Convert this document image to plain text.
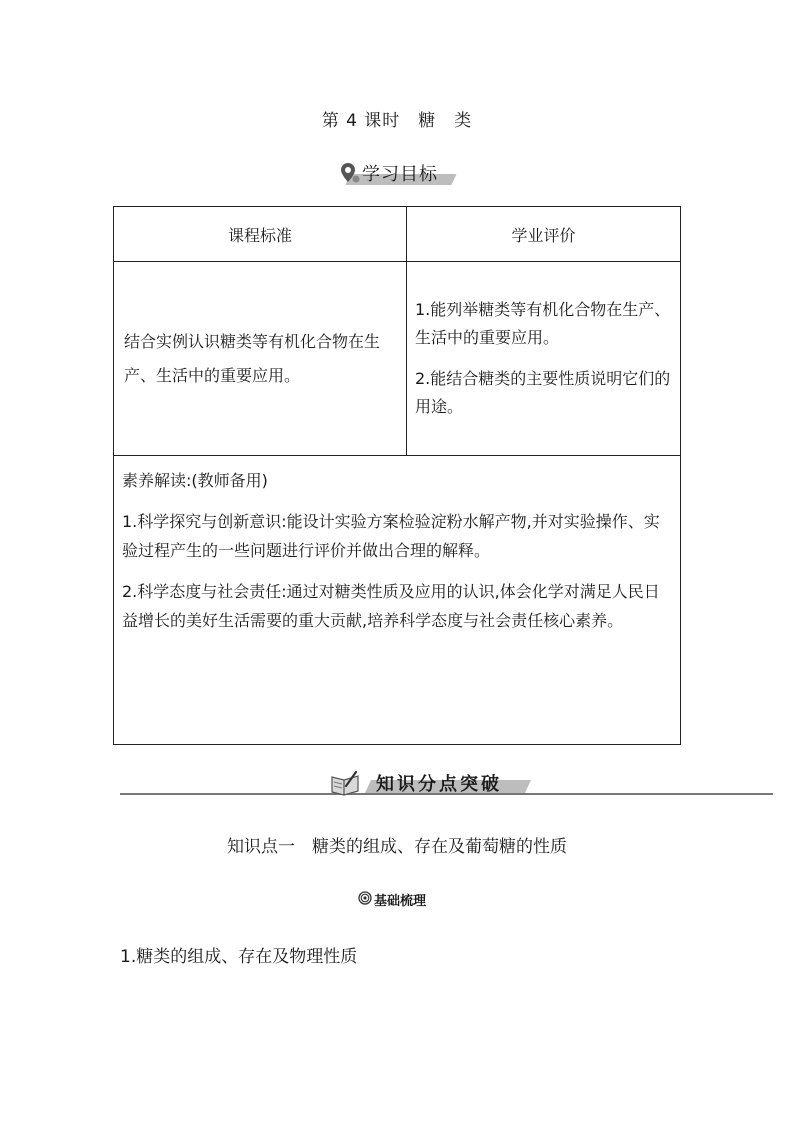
第 4 课时　糖　类
学习目标
课程标准	学业评价
结合实例认识糖类等有机化合物在生产、生活中的重要应用。	1.能列举糖类等有机化合物在生产、生活中的重要应用。

2.能结合糖类的主要性质说明它们的用途。

素养解读:(教师备用)

1.科学探究与创新意识:能设计实验方案检验淀粉水解产物,并对实验操作、实验过程产生的一些问题进行评价并做出合理的解释。

2.科学态度与社会责任:通过对糖类性质及应用的认识,体会化学对满足人民日益增长的美好生活需要的重大贡献,培养科学态度与社会责任核心素养。	

知识分点突破
知识点一　糖类的组成、存在及葡萄糖的性质
基础梳理
1.糖类的组成、存在及物理性质
